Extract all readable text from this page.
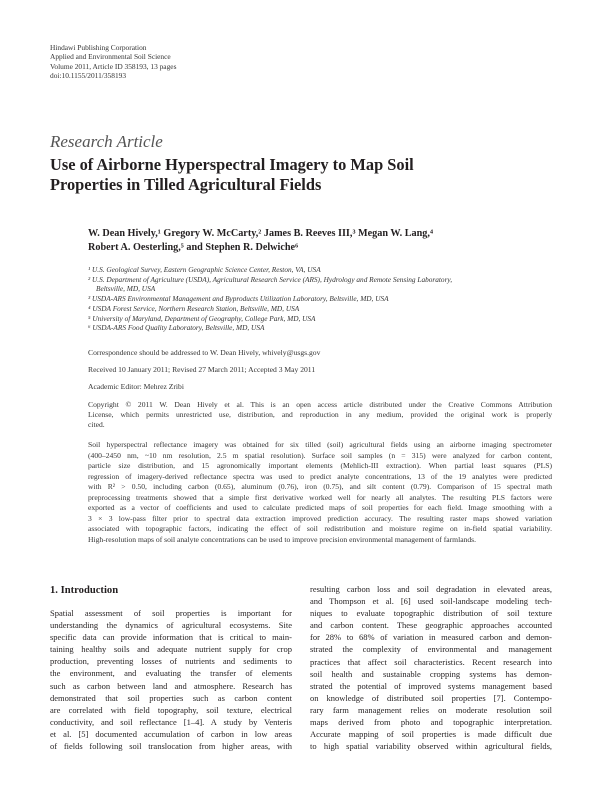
Hindawi Publishing Corporation
Applied and Environmental Soil Science
Volume 2011, Article ID 358193, 13 pages
doi:10.1155/2011/358193
Research Article
Use of Airborne Hyperspectral Imagery to Map Soil
Properties in Tilled Agricultural Fields
W. Dean Hively,¹ Gregory W. McCarty,² James B. Reeves III,³ Megan W. Lang,⁴
Robert A. Oesterling,⁵ and Stephen R. Delwiche⁶
¹ U.S. Geological Survey, Eastern Geographic Science Center, Reston, VA, USA
² U.S. Department of Agriculture (USDA), Agricultural Research Service (ARS), Hydrology and Remote Sensing Laboratory,
Beltsville, MD, USA
³ USDA-ARS Environmental Management and Byproducts Utilization Laboratory, Beltsville, MD, USA
⁴ USDA Forest Service, Northern Research Station, Beltsville, MD, USA
⁵ University of Maryland, Department of Geography, College Park, MD, USA
⁶ USDA-ARS Food Quality Laboratory, Beltsville, MD, USA
Correspondence should be addressed to W. Dean Hively, whively@usgs.gov
Received 10 January 2011; Revised 27 March 2011; Accepted 3 May 2011
Academic Editor: Mehrez Zribi
Copyright © 2011 W. Dean Hively et al. This is an open access article distributed under the Creative Commons Attribution
License, which permits unrestricted use, distribution, and reproduction in any medium, provided the original work is properly
cited.
Soil hyperspectral reflectance imagery was obtained for six tilled (soil) agricultural fields using an airborne imaging spectrometer
(400–2450 nm, ~10 nm resolution, 2.5 m spatial resolution). Surface soil samples (n = 315) were analyzed for carbon content,
particle size distribution, and 15 agronomically important elements (Mehlich-III extraction). When partial least squares (PLS)
regression of imagery-derived reflectance spectra was used to predict analyte concentrations, 13 of the 19 analytes were predicted
with R² > 0.50, including carbon (0.65), aluminum (0.76), iron (0.75), and silt content (0.79). Comparison of 15 spectral math
preprocessing treatments showed that a simple first derivative worked well for nearly all analytes. The resulting PLS factors were
exported as a vector of coefficients and used to calculate predicted maps of soil properties for each field. Image smoothing with a
3 × 3 low-pass filter prior to spectral data extraction improved prediction accuracy. The resulting raster maps showed variation
associated with topographic factors, indicating the effect of soil redistribution and moisture regime on in-field spatial variability.
High-resolution maps of soil analyte concentrations can be used to improve precision environmental management of farmlands.
1. Introduction
Spatial assessment of soil properties is important for
understanding the dynamics of agricultural ecosystems. Site
specific data can provide information that is critical to main-
taining healthy soils and adequate nutrient supply for crop
production, preventing losses of nutrients and sediments to
the environment, and evaluating the transfer of elements
such as carbon between land and atmosphere. Research has
demonstrated that soil properties such as carbon content
are correlated with field topography, soil texture, electrical
conductivity, and soil reflectance [1–4]. A study by Venteris
et al. [5] documented accumulation of carbon in low areas
of fields following soil translocation from higher areas, with
resulting carbon loss and soil degradation in elevated areas,
and Thompson et al. [6] used soil-landscape modeling tech-
niques to evaluate topographic distribution of soil texture
and carbon content. These geographic approaches accounted
for 28% to 68% of variation in measured carbon and demon-
strated the complexity of environmental and management
practices that affect soil characteristics. Recent research into
soil health and sustainable cropping systems has demon-
strated the potential of improved systems management based
on knowledge of distributed soil properties [7]. Contempo-
rary farm management relies on moderate resolution soil
maps derived from photo and topographic interpretation.
Accurate mapping of soil properties is made difficult due
to high spatial variability observed within agricultural fields,
